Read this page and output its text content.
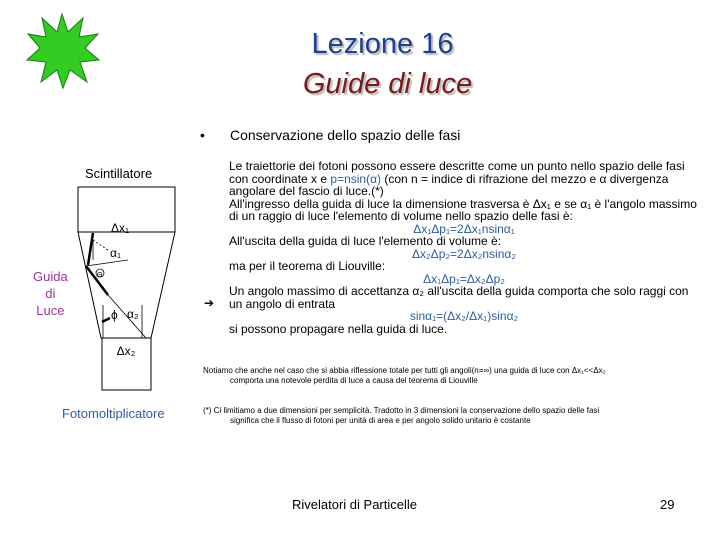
Lezione 16
Guide di luce
• Conservazione dello spazio delle fasi

Le traiettorie dei fotoni possono essere descritte come un punto nello spazio delle fasi con coordinate x e p=nsin(α) (con n = indice di rifrazione del mezzo e α divergenza angolare del fascio di luce.(*)

All'ingresso della guida di luce la dimensione trasversa è Δx₁ e se α₁ è l'angolo massimo di un raggio di luce l'elemento di volume nello spazio delle fasi è:

Δx₁Δp₁=2Δx₁nsinα₁

All'uscita della guida di luce l'elemento di volume è:

Δx₂Δp₂=2Δx₂nsinα₂

ma per il teorema di Liouville:

Δx₁Δp₁=Δx₂Δp₂

Un angolo massimo di accettanza α₂ all'uscita della guida comporta che solo raggi con un angolo di entrata

sinα₁=(Δx₂/Δx₁)sinα₂

si possono propagare nella guida di luce.

➔
Notiamo che anche nel caso che si abbia riflessione totale per tutti gli angoli(n=∞) una guida di luce con Δx₁<<Δx₂
comporta una notevole perdita di luce a causa del teorema di Liouville
(*) Ci limitiamo a due dimensioni per semplicità. Tradotto in 3 dimensioni la conservazione dello spazio delle fasi
significa che il flusso di fotoni per unità di area e per angolo solido unitario è costante
Δx₁
α₁
Θ
ϕ α₂
Δx₂
Scintillatore
Guida
di
Luce
Fotomoltiplicatore
Rivelatori di Particelle	29
